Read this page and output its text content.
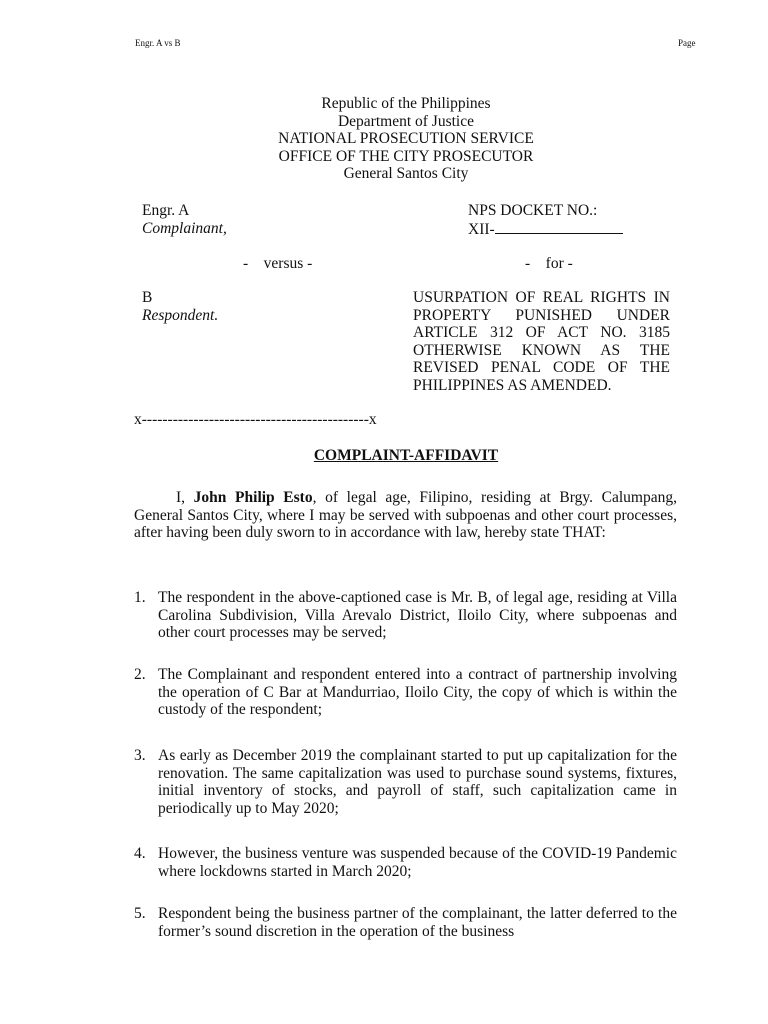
Engr. A vs B	Page
Republic of the Philippines
Department of Justice
NATIONAL PROSECUTION SERVICE
OFFICE OF THE CITY PROSECUTOR
General Santos City
Engr. A
Complainant,
NPS DOCKET NO.:
XII-
-    versus -	-    for -
B
Respondent.
USURPATION OF REAL RIGHTS IN PROPERTY PUNISHED UNDER ARTICLE 312 OF ACT NO. 3185 OTHERWISE KNOWN AS THE REVISED PENAL CODE OF THE PHILIPPINES AS AMENDED.
x--------------------------------------------x
COMPLAINT-AFFIDAVIT
I, John Philip Esto, of legal age, Filipino, residing at Brgy. Calumpang, General Santos City, where I may be served with subpoenas and other court processes, after having been duly sworn to in accordance with law, hereby state THAT:
1. The respondent in the above-captioned case is Mr. B, of legal age, residing at Villa Carolina Subdivision, Villa Arevalo District, Iloilo City, where subpoenas and other court processes may be served;
2. The Complainant and respondent entered into a contract of partnership involving the operation of C Bar at Mandurriao, Iloilo City, the copy of which is within the custody of the respondent;
3. As early as December 2019 the complainant started to put up capitalization for the renovation. The same capitalization was used to purchase sound systems, fixtures, initial inventory of stocks, and payroll of staff, such capitalization came in periodically up to May 2020;
4. However, the business venture was suspended because of the COVID-19 Pandemic where lockdowns started in March 2020;
5. Respondent being the business partner of the complainant, the latter deferred to the former’s sound discretion in the operation of the business
